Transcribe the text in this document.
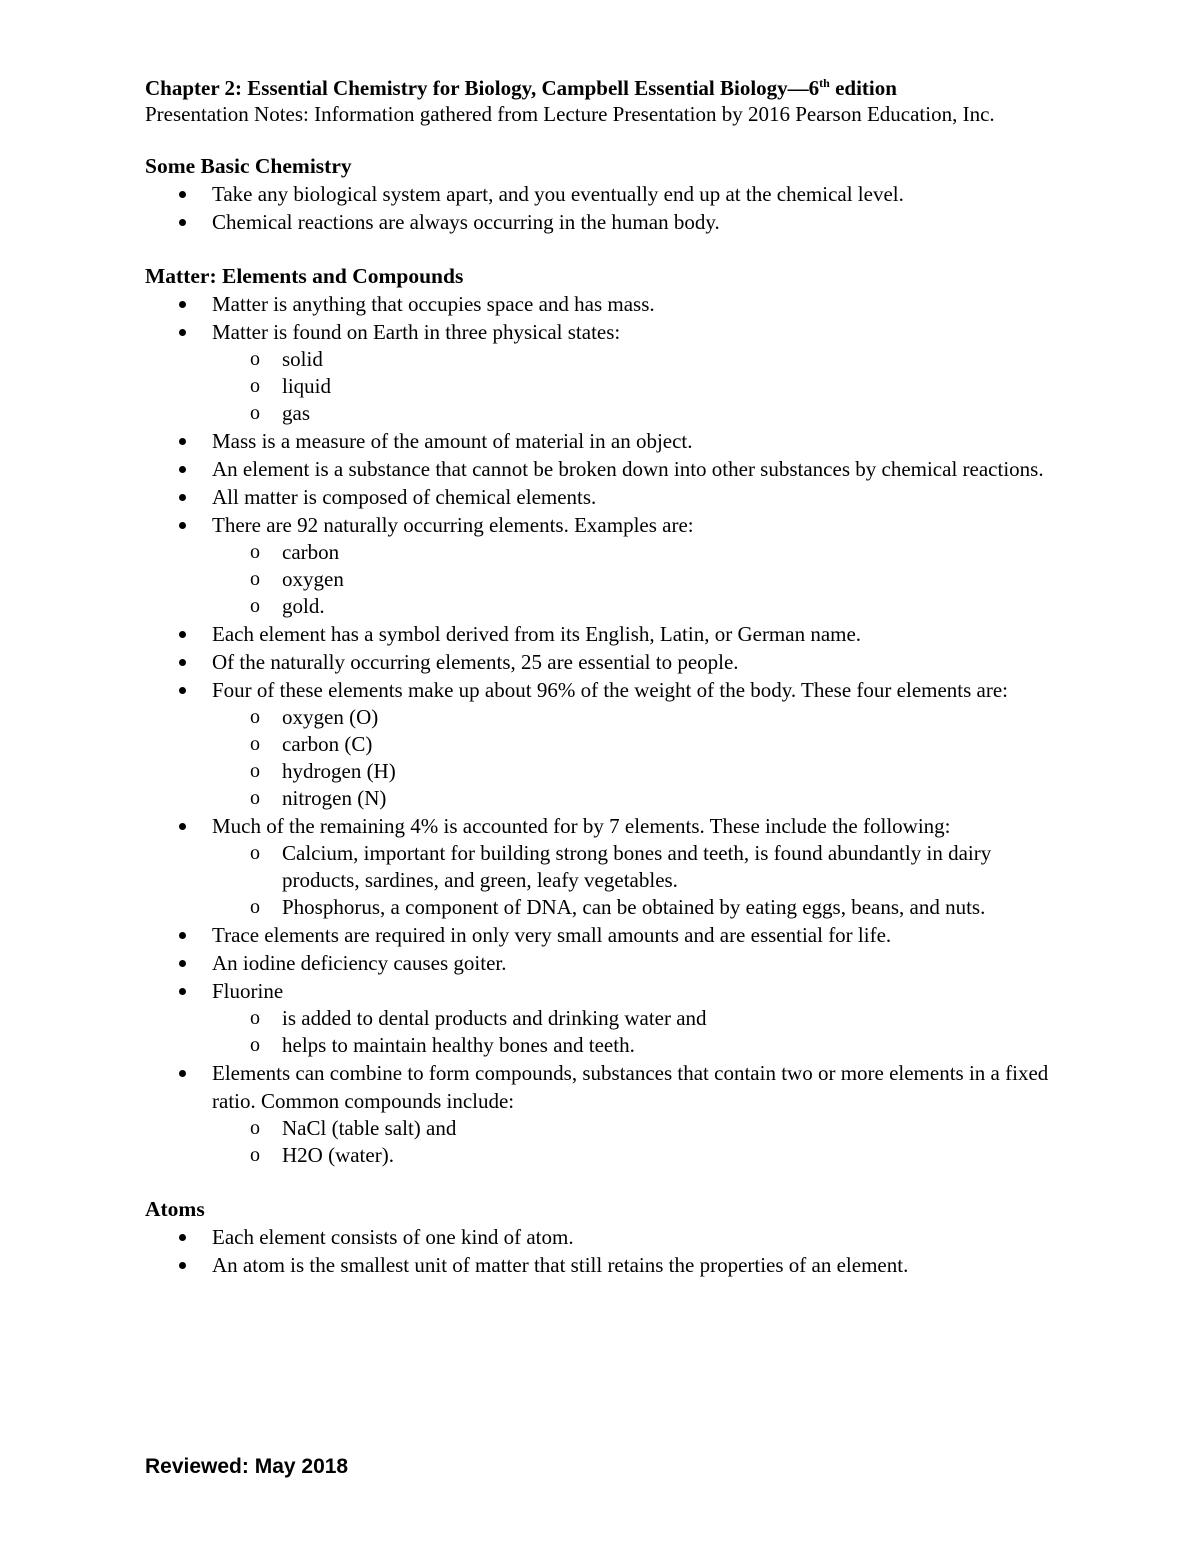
Chapter 2: Essential Chemistry for Biology, Campbell Essential Biology—6th edition

Presentation Notes: Information gathered from Lecture Presentation by 2016 Pearson Education, Inc.

Some Basic Chemistry

Take any biological system apart, and you eventually end up at the chemical level.
Chemical reactions are always occurring in the human body.

Matter: Elements and Compounds

Matter is anything that occupies space and has mass.
Matter is found on Earth in three physical states:
o solid
o liquid
o gas
Mass is a measure of the amount of material in an object.
An element is a substance that cannot be broken down into other substances by chemical reactions.
All matter is composed of chemical elements.
There are 92 naturally occurring elements. Examples are:
o carbon
o oxygen
o gold.
Each element has a symbol derived from its English, Latin, or German name.
Of the naturally occurring elements, 25 are essential to people.
Four of these elements make up about 96% of the weight of the body. These four elements are:
o oxygen (O)
o carbon (C)
o hydrogen (H)
o nitrogen (N)
Much of the remaining 4% is accounted for by 7 elements. These include the following:
o Calcium, important for building strong bones and teeth, is found abundantly in dairy products, sardines, and green, leafy vegetables.
o Phosphorus, a component of DNA, can be obtained by eating eggs, beans, and nuts.
Trace elements are required in only very small amounts and are essential for life.
An iodine deficiency causes goiter.
Fluorine
o is added to dental products and drinking water and
o helps to maintain healthy bones and teeth.
Elements can combine to form compounds, substances that contain two or more elements in a fixed ratio. Common compounds include:
o NaCl (table salt) and
o H2O (water).

Atoms

Each element consists of one kind of atom.
An atom is the smallest unit of matter that still retains the properties of an element.
Reviewed: May 2018
